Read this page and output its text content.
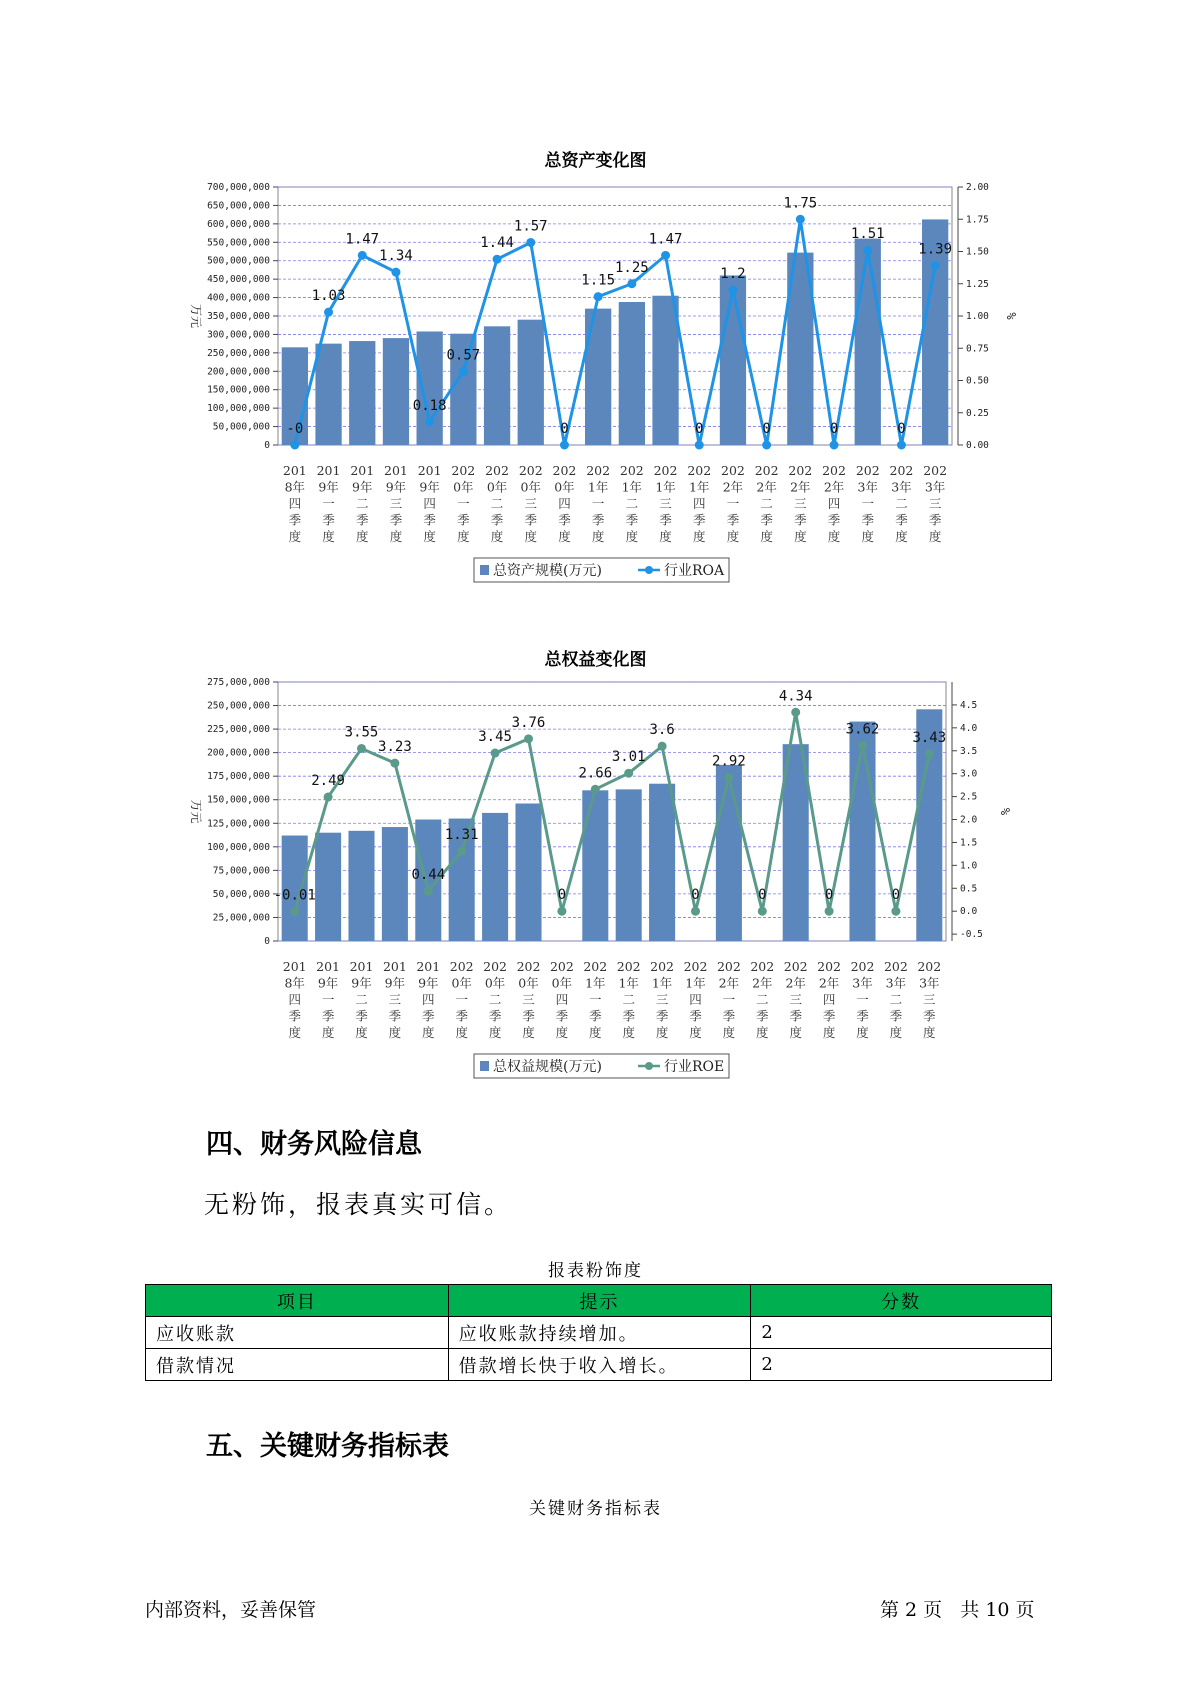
总资产变化图
0
50,000,000
100,000,000
150,000,000
200,000,000
250,000,000
300,000,000
350,000,000
400,000,000
450,000,000
500,000,000
550,000,000
600,000,000
650,000,000
700,000,000
0.00
0.25
0.50
0.75
1.00
1.25
1.50
1.75
2.00
万元	%
-0
1.03
1.47
1.34
0.18
0.57
1.44
1.57
0
1.15
1.25
1.47
0
1.2
0
1.75
0
1.51
0
1.39
201 8年四季度
201 9年一季度
201 9年二季度
201 9年三季度
201 9年四季度
202 0年一季度
202 0年二季度
202 0年三季度
202 0年四季度
202 1年一季度
202 1年二季度
202 1年三季度
202 1年四季度
202 2年一季度
202 2年二季度
202 2年三季度
202 2年四季度
202 3年一季度
202 3年二季度
202 3年三季度
总资产规模(万元)	行业ROA
总权益变化图
0
25,000,000
50,000,000
75,000,000
100,000,000
125,000,000
150,000,000
175,000,000
200,000,000
225,000,000
250,000,000
275,000,000
-0.5
0.0
0.5
1.0
1.5
2.0
2.5
3.0
3.5
4.0
4.5
万元	%
-0.01
2.49
3.55
3.23
0.44
1.31
3.45
3.76
0
2.66
3.01
3.6
0
2.92
0
4.34
0
3.62
0
3.43
201 8年四季度
201 9年一季度
201 9年二季度
201 9年三季度
201 9年四季度
202 0年一季度
202 0年二季度
202 0年三季度
202 0年四季度
202 1年一季度
202 1年二季度
202 1年三季度
202 1年四季度
202 2年一季度
202 2年二季度
202 2年三季度
202 2年四季度
202 3年一季度
202 3年二季度
202 3年三季度
总权益规模(万元)	行业ROE
四、财务风险信息
无粉饰，报表真实可信。
报表粉饰度
项目	提示	分数
应收账款	应收账款持续增加。	2
借款情况	借款增长快于收入增长。	2
五、关键财务指标表
关键财务指标表
内部资料，妥善保管	第 2 页   共 10 页
